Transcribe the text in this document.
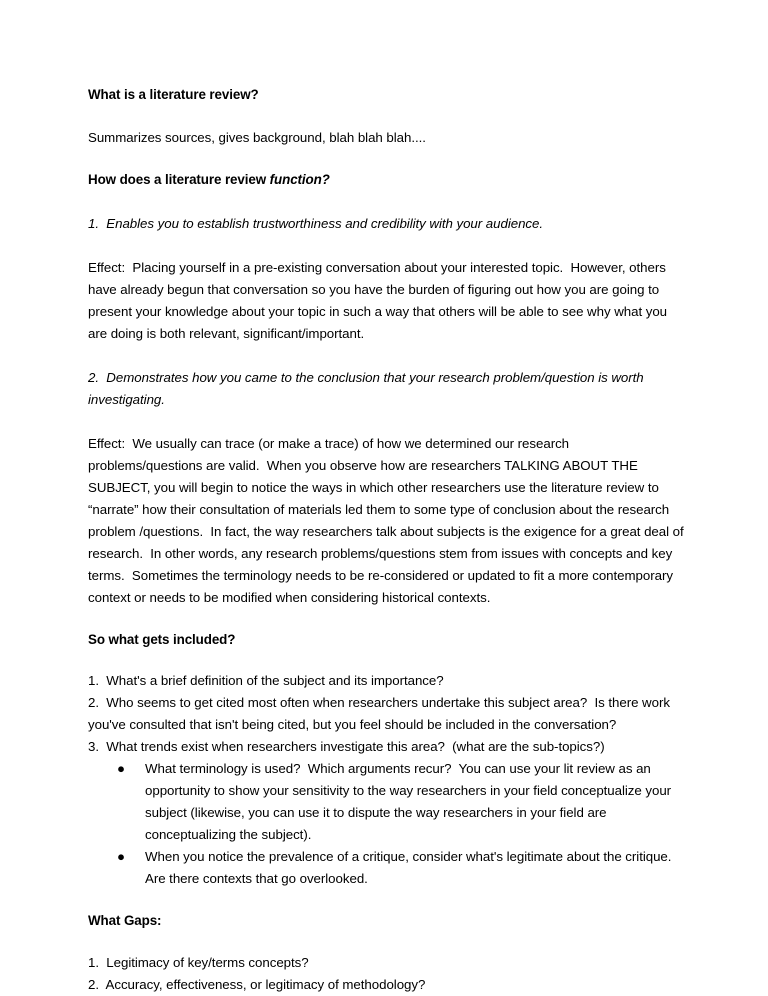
What is a literature review?

Summarizes sources, gives background, blah blah blah....

How does a literature review function?

1. Enables you to establish trustworthiness and credibility with your audience.

Effect:  Placing yourself in a pre-existing conversation about your interested topic.  However, others have already begun that conversation so you have the burden of figuring out how you are going to present your knowledge about your topic in such a way that others will be able to see why what you are doing is both relevant, significant/important.

2. Demonstrates how you came to the conclusion that your research problem/question is worth investigating.

Effect:  We usually can trace (or make a trace) of how we determined our research problems/questions are valid.  When you observe how are researchers TALKING ABOUT THE SUBJECT, you will begin to notice the ways in which other researchers use the literature review to “narrate” how their consultation of materials led them to some type of conclusion about the research problem /questions.  In fact, the way researchers talk about subjects is the exigence for a great deal of research.  In other words, any research problems/questions stem from issues with concepts and key terms.  Sometimes the terminology needs to be re-considered or updated to fit a more contemporary context or needs to be modified when considering historical contexts.

So what gets included?
1.  What's a brief definition of the subject and its importance?
2.  Who seems to get cited most often when researchers undertake this subject area?  Is there work you've consulted that isn't being cited, but you feel should be included in the conversation?
3.  What trends exist when researchers investigate this area?  (what are the sub-topics?)
● What terminology is used?  Which arguments recur?  You can use your lit review as an opportunity to show your sensitivity to the way researchers in your field conceptualize your subject (likewise, you can use it to dispute the way researchers in your field are conceptualizing the subject).
● When you notice the prevalence of a critique, consider what's legitimate about the critique.  Are there contexts that go overlooked.
What Gaps:
1.  Legitimacy of key/terms concepts?
2.  Accuracy, effectiveness, or legitimacy of methodology?
